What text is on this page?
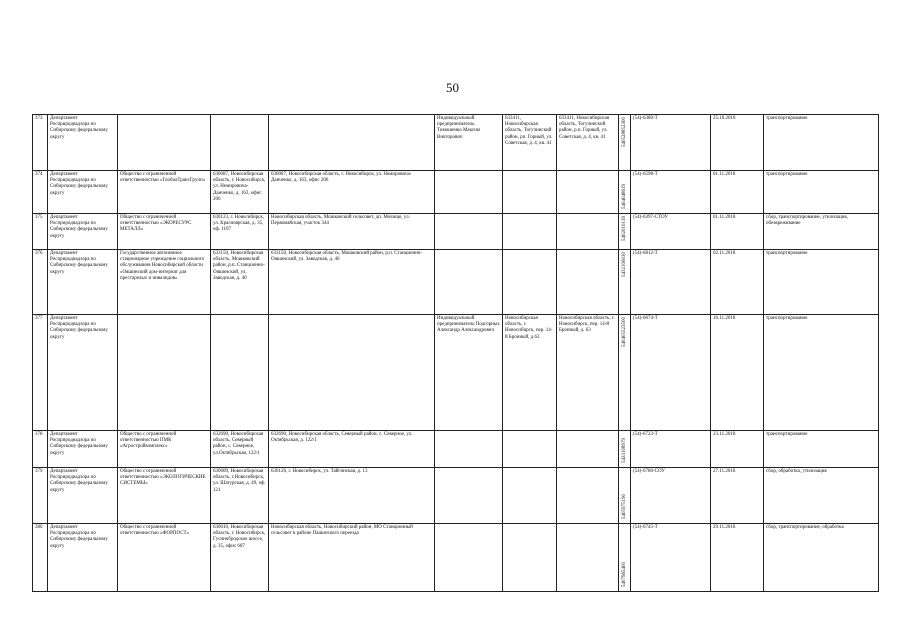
50
373	Департамент Росприроднадзора по Сибирскому федеральному округу				Индивидуальный предприниматель Тимошенко Максим Викторович	633411, Новосибирская область, Тогучинский район, рп. Горный, ул. Советская, д. 4, кв. 41	633411, Новосибирская область, Тогучинский район, р.п. Горный, ул. Советская, д. 4, кв. 41	540528852300	(54)-6380-Т	25.10.2018	транспортирование
374	Департамент Росприроднадзора по Сибирскому федеральному округу	Общество с ограниченной ответственностью «ГлобалТрансГрупп»	630087, Новосибирская область, г. Новосибирск, ул. Немировича-Данченко, д. 163, офис 206	630087, Новосибирская область, г. Новосибирск, ул. Немировича-Данченко, д. 163, офис 206				5404048619	(54)-6598-Т	01.11.2018	транспортирование
375	Департамент Росприроднадзора по Сибирскому федеральному округу	Общество с ограниченной ответственностью «ЭКОРЕСУРС МЕТАЛЛ»	630123, г. Новосибирск, ул. Красноярская, д. 35, оф. 1107	Новосибирская область, Мошковский сельсовет, дп. Мочище, ул. Первомайская, участок 344				5402010139	(54)-6397-СТОУ	01.11.2018	сбор, транспортирование, утилизация, обезвреживание
376	Департамент Росприроднадзора по Сибирскому федеральному округу	Государственное автономное стационарное учреждение социального обслуживания Новосибирской области «Ояшинский дом-интернат для престарелых и инвалидов»	633150, Новосибирская область, Мошковский район, р.п. Станционно-Ояшинский, ул. Заводская, д. 40	633150, Новосибирская область, Мошковский район, р.п. Станционно-Ояшинский, ул. Заводская, д. 40				5432106030	(54)-6812-Т	02.11.2018	транспортирование
377	Департамент Росприроднадзора по Сибирскому федеральному округу				Индивидуальный предприниматель Подгорных Александр Александрович	Новосибирская область, г. Новосибирск, пер. 14-й Бронный, д.63	Новосибирская область, г. Новосибирск, пер. 14-й Бронный, д. 63	540405523500	(54)-6674-Т	16.11.2018	транспортирование
378	Департамент Росприроднадзора по Сибирскому федеральному округу	Общество с ограниченной ответственностью ПМК «Агростройкомплекс»	632690, Новосибирская область, Северный район, с. Северное, ул.Октябрьская, 122/1	632690, Новосибирская область, Северный район, с. Северное, ул. Октябрьская, д. 122/1				5433108979	(54)-6723-Т	23.11.2018	транспортирование
379	Департамент Росприроднадзора по Сибирскому федеральному округу	Общество с ограниченной ответственностью «ЭКОЛОГИЧЕСКИЕ СИСТЕМЫ»	630009, Новосибирская область, г.Новосибирск, ул. Шатурская, д. 49, оф. 121	630126, г. Новосибирск, ул. Тайгинская, д. 13				5405975190	(54)-6780-СОУ	27.11.2018	сбор, обработка, утилизация
380	Департамент Росприроднадзора по Сибирскому федеральному округу	Общество с ограниченной ответственностью «ФОРПОСТ»	630010, Новосибирская область, г. Новосибирск, Гусинобродское шоссе, д. 35, офис 607	Новосибирская область, Новосибирский район, МО Станционный сельсовет в районе Пашинского переезда				5407965400	(54)-6745-Т	29.11.2018	сбор, транспортирование, обработка
